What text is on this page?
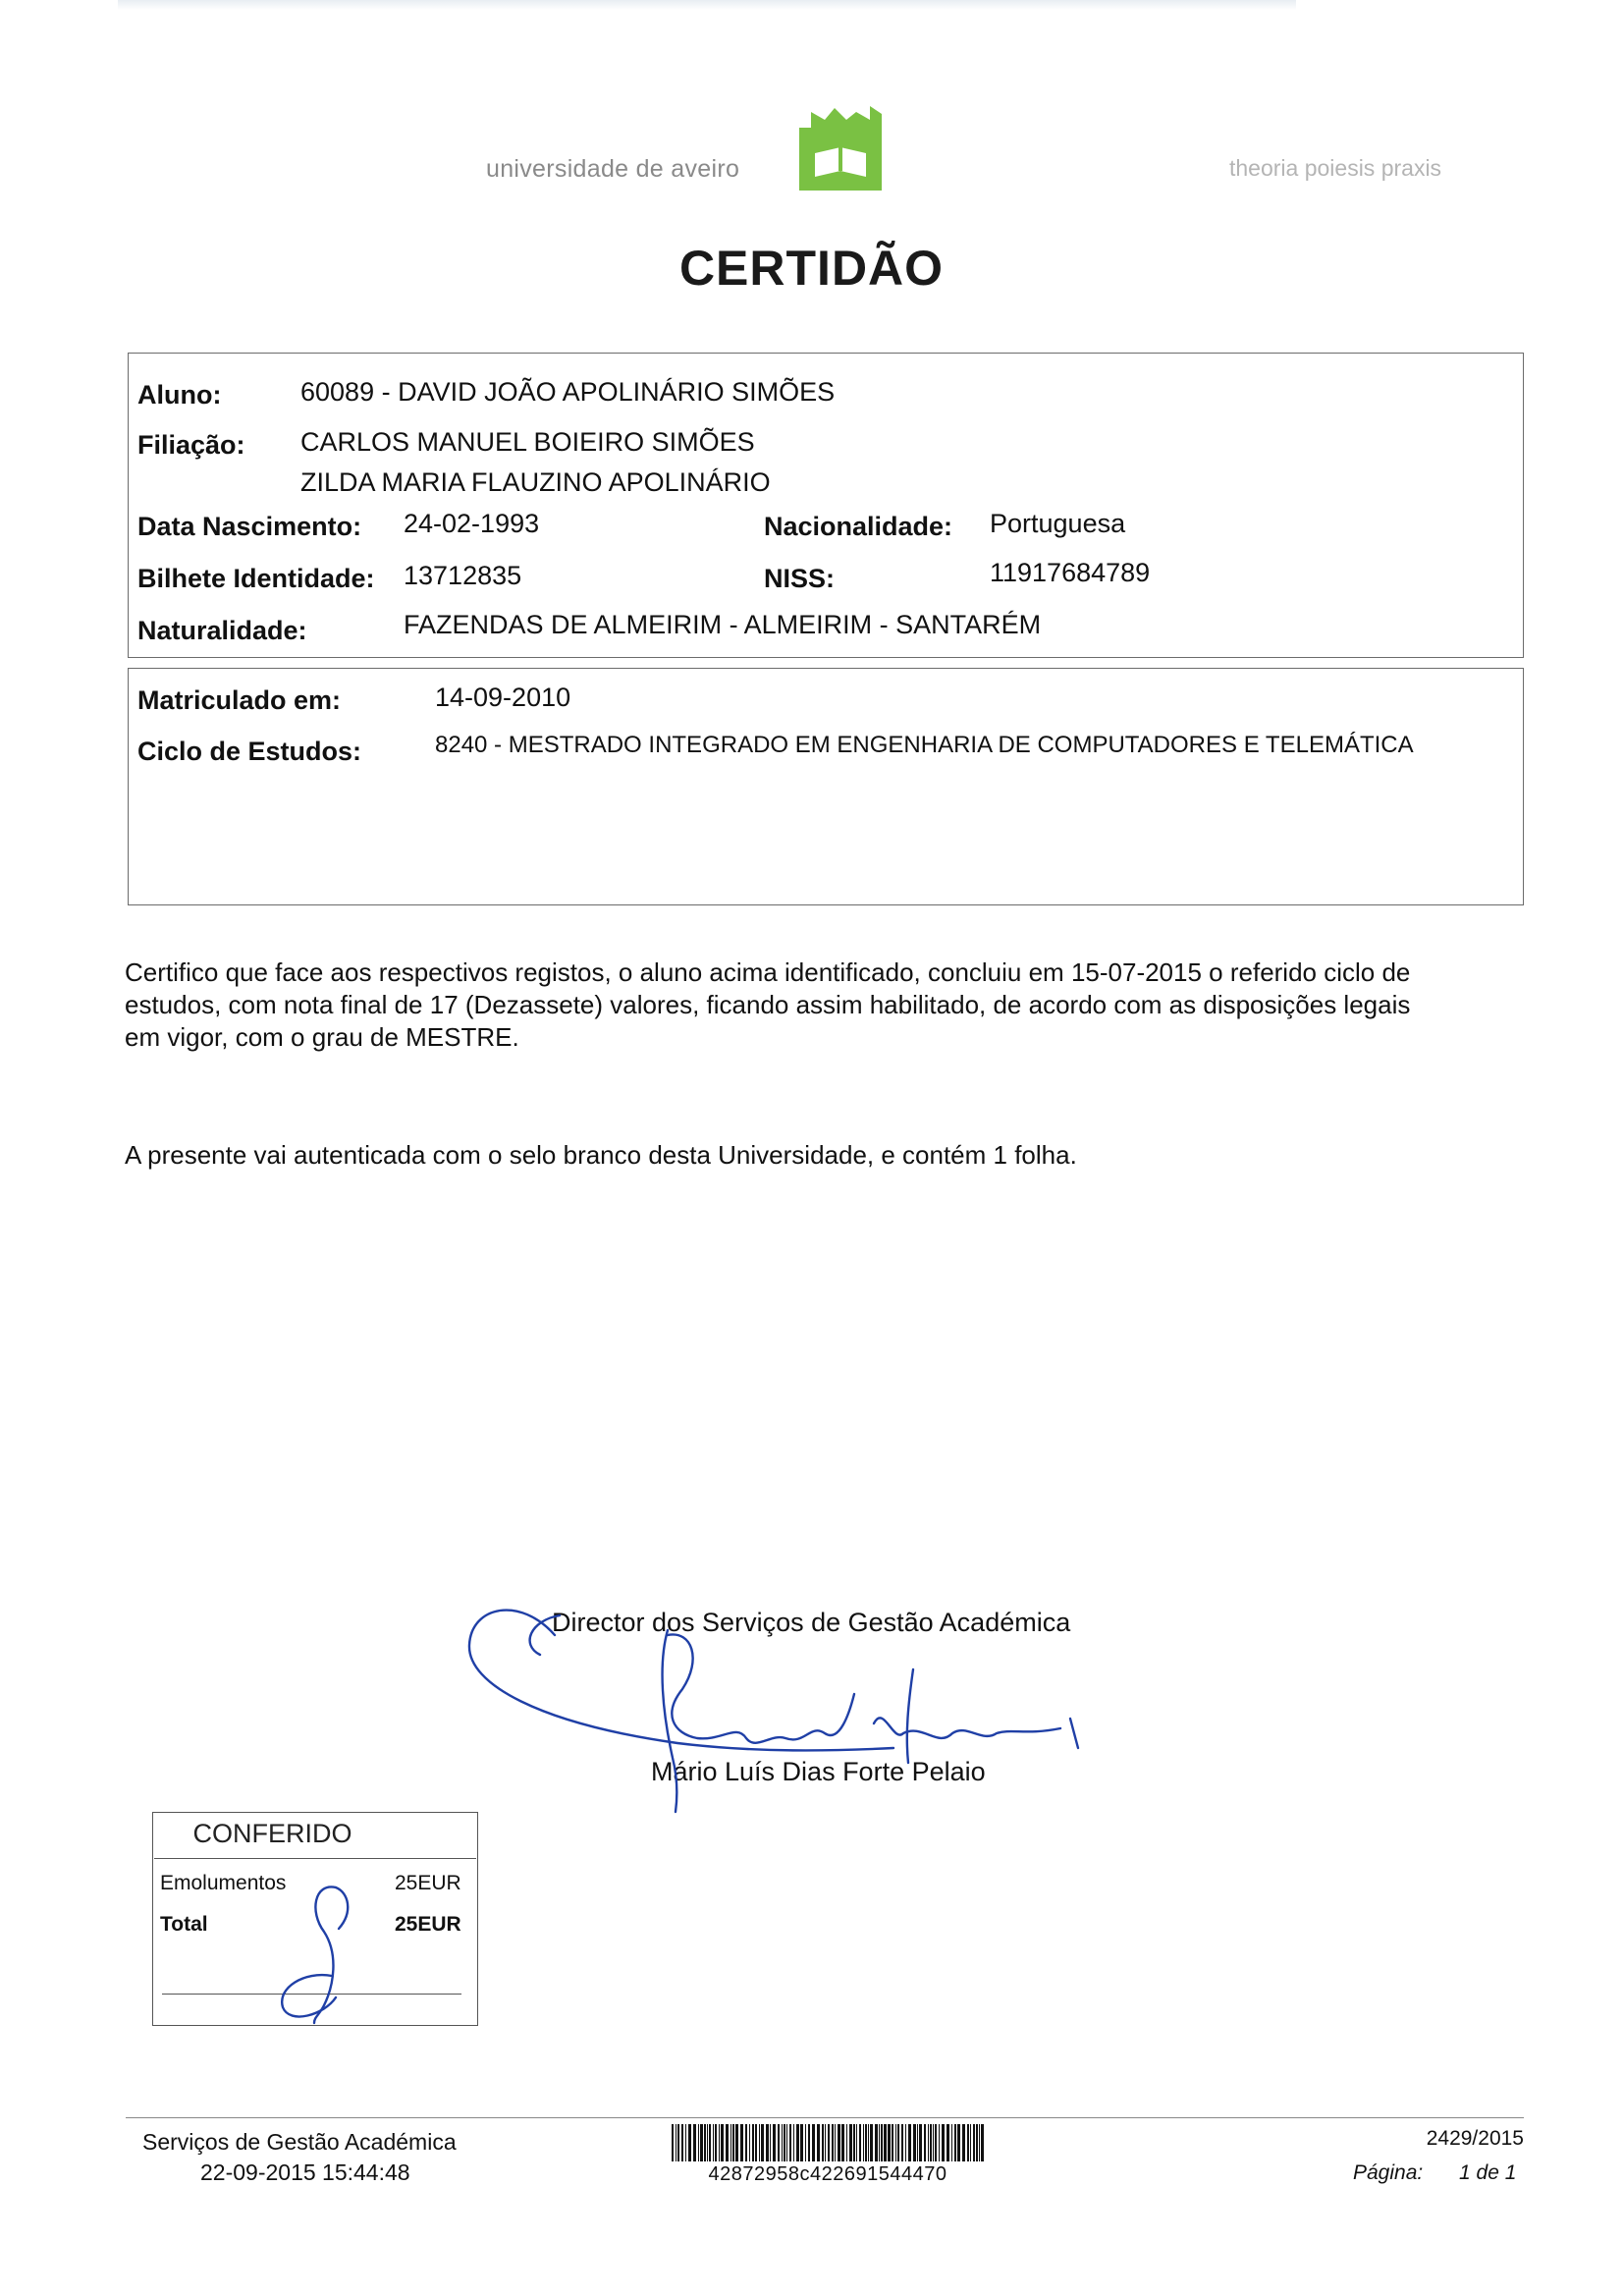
universidade de aveiro	theoria poiesis praxis
CERTIDÃO
Aluno:	60089 - DAVID JOÃO APOLINÁRIO SIMÕES
Filiação: CARLOS MANUEL BOIEIRO SIMÕES
ZILDA MARIA FLAUZINO APOLINÁRIO
Data Nascimento: 24-02-1993	Nacionalidade: Portuguesa
Bilhete Identidade: 13712835	NISS:	11917684789
Naturalidade:	FAZENDAS DE ALMEIRIM - ALMEIRIM - SANTARÉM
Matriculado em:	14-09-2010
Ciclo de Estudos:	8240 - MESTRADO INTEGRADO EM ENGENHARIA DE COMPUTADORES E TELEMÁTICA
Certifico que face aos respectivos registos, o aluno acima identificado, concluiu em 15-07-2015 o referido ciclo de
estudos, com nota final de 17 (Dezassete) valores, ficando assim habilitado, de acordo com as disposições legais
em vigor, com o grau de MESTRE.
A presente vai autenticada com o selo branco desta Universidade, e contém 1 folha.
Director dos Serviços de Gestão Académica
Mário Luís Dias Forte Pelaio
CONFERIDO
Emolumentos	25EUR
Total	25EUR
Serviços de Gestão Académica
22-09-2015 15:44:48	42872958c422691544470
2429/2015
Página: 1 de 1
